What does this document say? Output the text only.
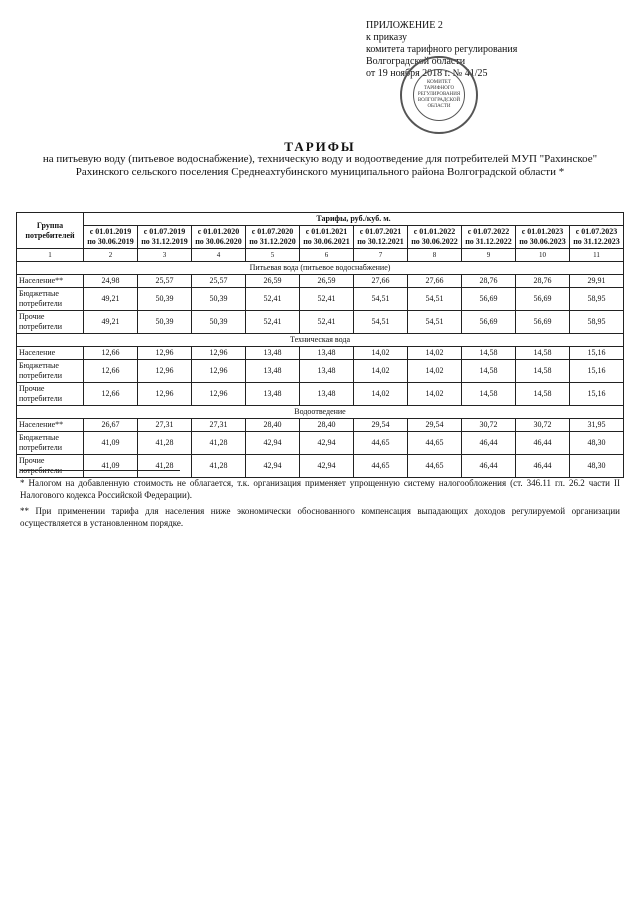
ПРИЛОЖЕНИЕ 2
к приказу
комитета тарифного регулирования
Волгоградской области
от 19 ноября 2018 г. № 41/25
КОМИТЕТ ТАРИФНОГО РЕГУЛИРОВАНИЯ ВОЛГОГРАДСКОЙ ОБЛАСТИ
ТАРИФЫ
на питьевую воду (питьевое водоснабжение), техническую воду и водоотведение для потребителей МУП "Рахинское"
Рахинского сельского поселения Среднеахтубинского муниципального района Волгоградской области *
Группа потребителей	Тарифы, руб./куб. м.									
	с 01.01.2019 по 30.06.2019	с 01.07.2019 по 31.12.2019	с 01.01.2020 по 30.06.2020	с 01.07.2020 по 31.12.2020	с 01.01.2021 по 30.06.2021	с 01.07.2021 по 30.12.2021	с 01.01.2022 по 30.06.2022	с 01.07.2022 по 31.12.2022	с 01.01.2023 по 30.06.2023	с 01.07.2023 по 31.12.2023
1	2	3	4	5	6	7	8	9	10	11
Питьевая вода (питьевое водоснабжение)										
Население**	24,98	25,57	25,57	26,59	26,59	27,66	27,66	28,76	28,76	29,91
Бюджетные потребители	49,21	50,39	50,39	52,41	52,41	54,51	54,51	56,69	56,69	58,95
Прочие потребители	49,21	50,39	50,39	52,41	52,41	54,51	54,51	56,69	56,69	58,95
Техническая вода										
Население	12,66	12,96	12,96	13,48	13,48	14,02	14,02	14,58	14,58	15,16
Бюджетные потребители	12,66	12,96	12,96	13,48	13,48	14,02	14,02	14,58	14,58	15,16
Прочие потребители	12,66	12,96	12,96	13,48	13,48	14,02	14,02	14,58	14,58	15,16
Водоотведение										
Население**	26,67	27,31	27,31	28,40	28,40	29,54	29,54	30,72	30,72	31,95
Бюджетные потребители	41,09	41,28	41,28	42,94	42,94	44,65	44,65	46,44	46,44	48,30
Прочие потребители	41,09	41,28	41,28	42,94	42,94	44,65	44,65	46,44	46,44	48,30

* Налогом на добавленную стоимость не облагается, т.к. организация применяет упрощенную систему налогообложения (ст. 346.11 гл. 26.2 части II Налогового кодекса Российской Федерации).

** При применении тарифа для населения ниже экономически обоснованного компенсация выпадающих доходов регулируемой организации осуществляется в установленном порядке.
